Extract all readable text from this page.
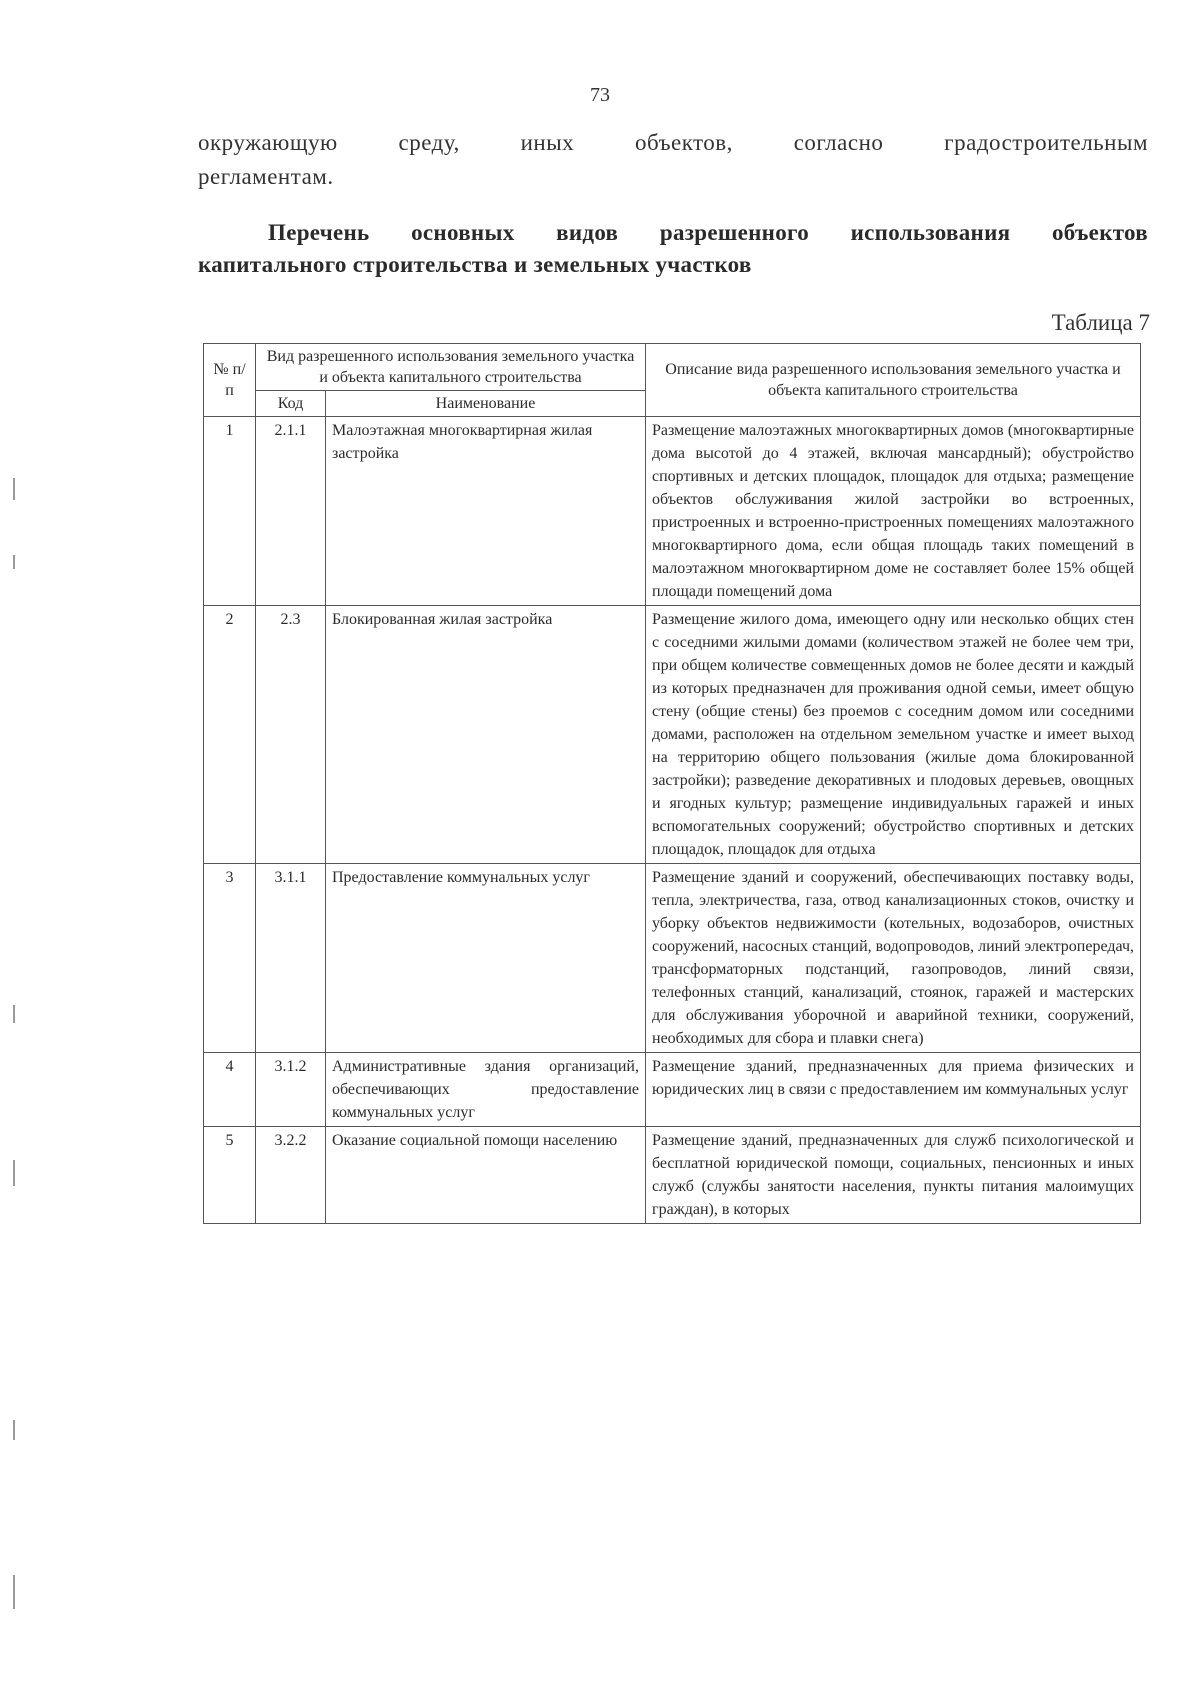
73
окружающую среду, иных объектов, согласно градостроительным
регламентам.
Перечень основных видов разрешенного использования объектов
капитального строительства и земельных участков
Таблица 7
№ п/п	Вид разрешенного использования земельного участка и объекта капитального строительства		Описание вида разрешенного использования земельного участка и объекта капитального строительства
	Код	Наименование	
1	2.1.1	Малоэтажная многоквартирная жилая застройка	Размещение малоэтажных многоквартирных домов (многоквартирные дома высотой до 4 этажей, включая мансардный); обустройство спортивных и детских площадок, площадок для отдыха; размещение объектов обслуживания жилой застройки во встроенных, пристроенных и встроенно-пристроенных помещениях малоэтажного многоквартирного дома, если общая площадь таких помещений в малоэтажном многоквартирном доме не составляет более 15% общей площади помещений дома
2	2.3	Блокированная жилая застройка	Размещение жилого дома, имеющего одну или несколько общих стен с соседними жилыми домами (количеством этажей не более чем три, при общем количестве совмещенных домов не более десяти и каждый из которых предназначен для проживания одной семьи, имеет общую стену (общие стены) без проемов с соседним домом или соседними домами, расположен на отдельном земельном участке и имеет выход на территорию общего пользования (жилые дома блокированной застройки); разведение декоративных и плодовых деревьев, овощных и ягодных культур; размещение индивидуальных гаражей и иных вспомогательных сооружений; обустройство спортивных и детских площадок, площадок для отдыха
3	3.1.1	Предоставление коммунальных услуг	Размещение зданий и сооружений, обеспечивающих поставку воды, тепла, электричества, газа, отвод канализационных стоков, очистку и уборку объектов недвижимости (котельных, водозаборов, очистных сооружений, насосных станций, водопроводов, линий электропередач, трансформаторных подстанций, газопроводов, линий связи, телефонных станций, канализаций, стоянок, гаражей и мастерских для обслуживания уборочной и аварийной техники, сооружений, необходимых для сбора и плавки снега)
4	3.1.2	Административные здания организаций, обеспечивающих предоставление коммунальных услуг	Размещение зданий, предназначенных для приема физических и юридических лиц в связи с предоставлением им коммунальных услуг
5	3.2.2	Оказание социальной помощи населению	Размещение зданий, предназначенных для служб психологической и бесплатной юридической помощи, социальных, пенсионных и иных служб (службы занятости населения, пункты питания малоимущих граждан), в которых
